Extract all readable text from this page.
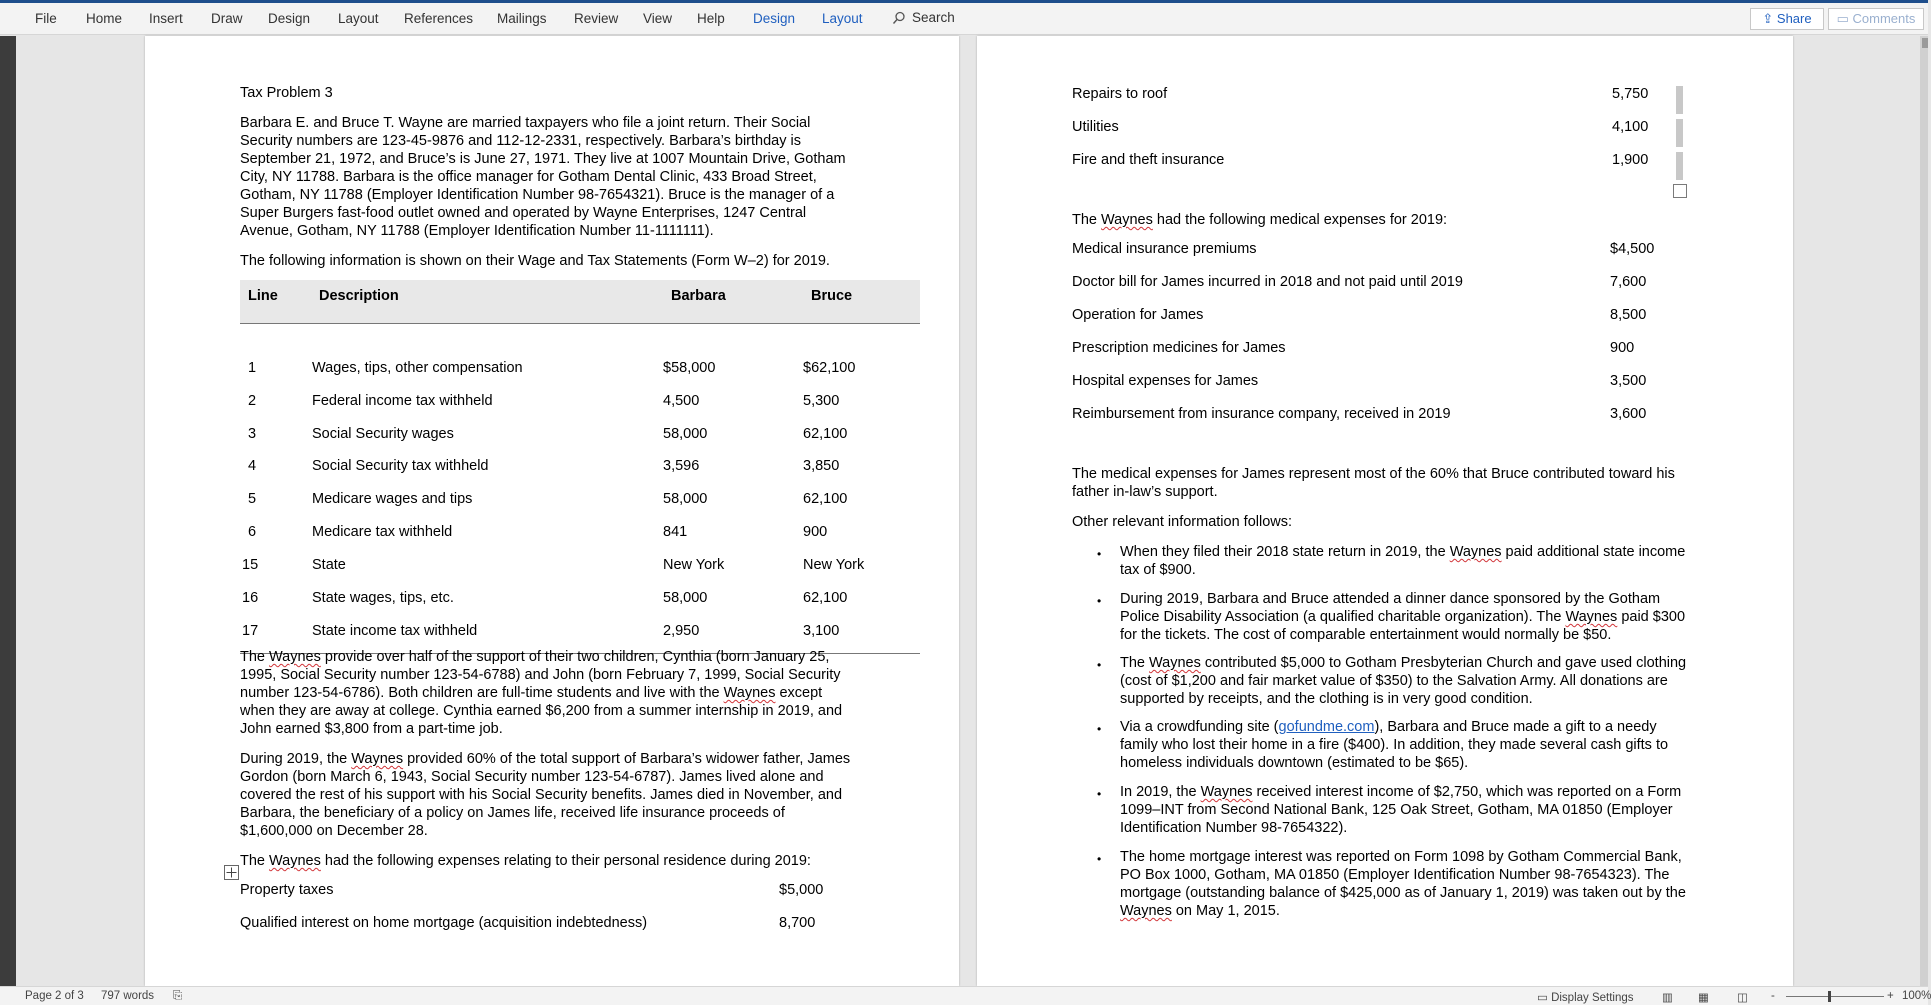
File Home Insert Draw Design Layout References Mailings Review View Help Design Layout	Search	⇪ Share	▭ Comments
Tax Problem 3
Barbara E. and Bruce T. Wayne are married taxpayers who file a joint return. Their Social
Security numbers are 123-45-9876 and 112-12-2331, respectively. Barbara’s birthday is
September 21, 1972, and Bruce’s is June 27, 1971. They live at 1007 Mountain Drive, Gotham
City, NY 11788. Barbara is the office manager for Gotham Dental Clinic, 433 Broad Street,
Gotham, NY 11788 (Employer Identification Number 98-7654321). Bruce is the manager of a
Super Burgers fast-food outlet owned and operated by Wayne Enterprises, 1247 Central
Avenue, Gotham, NY 11788 (Employer Identification Number 11-1111111).
The following information is shown on their Wage and Tax Statements (Form W–2) for 2019.
Line	Description	Barbara	Bruce
1	Wages, tips, other compensation	$58,000	$62,100
2	Federal income tax withheld	4,500	5,300
3	Social Security wages	58,000	62,100
4	Social Security tax withheld	3,596	3,850
5	Medicare wages and tips	58,000	62,100
6	Medicare tax withheld	841	900
15	State	New York	New York
16	State wages, tips, etc.	58,000	62,100
17	State income tax withheld	2,950	3,100
The Waynes provide over half of the support of their two children, Cynthia (born January 25,
1995, Social Security number 123-54-6788) and John (born February 7, 1999, Social Security
number 123-54-6786). Both children are full-time students and live with the Waynes except
when they are away at college. Cynthia earned $6,200 from a summer internship in 2019, and
John earned $3,800 from a part-time job.
During 2019, the Waynes provided 60% of the total support of Barbara’s widower father, James
Gordon (born March 6, 1943, Social Security number 123-54-6787). James lived alone and
covered the rest of his support with his Social Security benefits. James died in November, and
Barbara, the beneficiary of a policy on James life, received life insurance proceeds of
$1,600,000 on December 28.
The Waynes had the following expenses relating to their personal residence during 2019:
Property taxes	$5,000
Qualified interest on home mortgage (acquisition indebtedness)	8,700
Repairs to roof	5,750
Utilities	4,100
Fire and theft insurance	1,900
The Waynes had the following medical expenses for 2019:
Medical insurance premiums	$4,500
Doctor bill for James incurred in 2018 and not paid until 2019	7,600
Operation for James	8,500
Prescription medicines for James	900
Hospital expenses for James	3,500
Reimbursement from insurance company, received in 2019	3,600
The medical expenses for James represent most of the 60% that Bruce contributed toward his
father in-law’s support.
Other relevant information follows:
• When they filed their 2018 state return in 2019, the Waynes paid additional state income
tax of $900.
• During 2019, Barbara and Bruce attended a dinner dance sponsored by the Gotham
Police Disability Association (a qualified charitable organization). The Waynes paid $300
for the tickets. The cost of comparable entertainment would normally be $50.
• The Waynes contributed $5,000 to Gotham Presbyterian Church and gave used clothing
(cost of $1,200 and fair market value of $350) to the Salvation Army. All donations are
supported by receipts, and the clothing is in very good condition.
• Via a crowdfunding site (gofundme.com), Barbara and Bruce made a gift to a needy
family who lost their home in a fire ($400). In addition, they made several cash gifts to
homeless individuals downtown (estimated to be $65).
• In 2019, the Waynes received interest income of $2,750, which was reported on a Form
1099–INT from Second National Bank, 125 Oak Street, Gotham, MA 01850 (Employer
Identification Number 98-7654322).
• The home mortgage interest was reported on Form 1098 by Gotham Commercial Bank,
PO Box 1000, Gotham, MA 01850 (Employer Identification Number 98-7654323). The
mortgage (outstanding balance of $425,000 as of January 1, 2019) was taken out by the
Waynes on May 1, 2015.
Page 2 of 3 797 words ⎘	▭ Display Settings ▥ ▦ ◫ -	+ 100%
